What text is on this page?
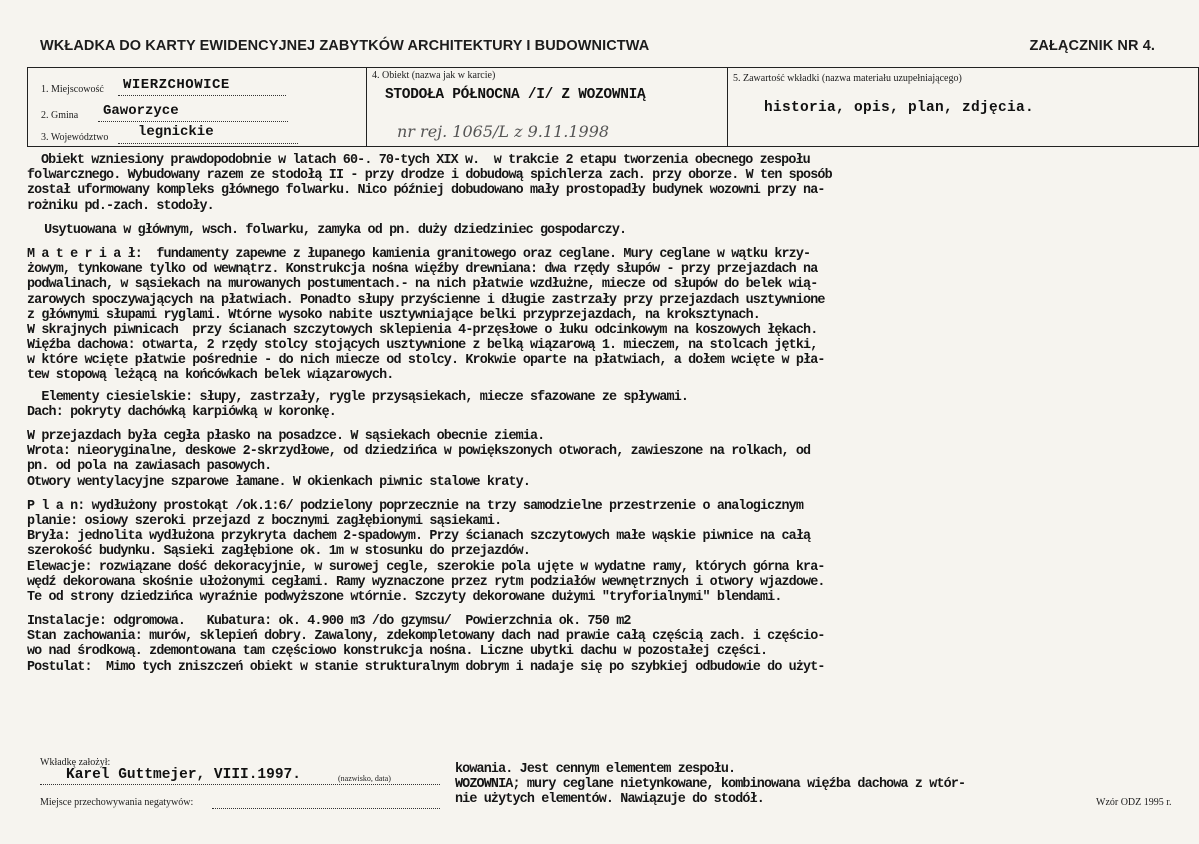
WKŁADKA DO KARTY EWIDENCYJNEJ ZABYTKÓW ARCHITEKTURY I BUDOWNICTWA	ZAŁĄCZNIK NR 4.
1. Miejscowość WIERZCHOWICE
2. Gmina Gaworzyce
3. Województwo legnickie
4. Obiekt (nazwa jak w karcie)
STODOŁA PÓŁNOCNA /I/ Z WOZOWNIĄ
nr rej. 1065/L z 9.11.1998
5. Zawartość wkładki (nazwa materiału uzupełniającego)
historia, opis, plan, zdjęcia.
Obiekt wzniesiony prawdopodobnie w latach 60-. 70-tych XIX w.  w trakcie 2 etapu tworzenia obecnego zespołu
folwarcznego. Wybudowany razem ze stodołą II - przy drodze i dobudową spichlerza zach. przy oborze. W ten sposób
został uformowany kompleks głównego folwarku. Nico później dobudowano mały prostopadły budynek wozowni przy na-
rożniku pd.-zach. stodoły.
Usytuowana w głównym, wsch. folwarku, zamyka od pn. duży dziedziniec gospodarczy.
M a t e r i a ł:  fundamenty zapewne z łupanego kamienia granitowego oraz ceglane. Mury ceglane w wątku krzy-
żowym, tynkowane tylko od wewnątrz. Konstrukcja nośna więźby drewniana: dwa rzędy słupów - przy przejazdach na
podwalinach, w sąsiekach na murowanych postumentach.- na nich płatwie wzdłużne, miecze od słupów do belek wią-
zarowych spoczywających na płatwiach. Ponadto słupy przyścienne i długie zastrzały przy przejazdach usztywnione
z głównymi słupami ryglami. Wtórne wysoko nabite usztywniające belki przyprzejazdach, na kroksztynach.
W skrajnych piwnicach  przy ścianach szczytowych sklepienia 4-przęsłowe o łuku odcinkowym na koszowych łękach.
Więźba dachowa: otwarta, 2 rzędy stolcy stojących usztywnione z belką wiązarową 1. mieczem, na stolcach jętki,
w które wcięte płatwie pośrednie - do nich miecze od stolcy. Krokwie oparte na płatwiach, a dołem wcięte w pła-
tew stopową leżącą na końcówkach belek wiązarowych.
Elementy ciesielskie: słupy, zastrzały, rygle przysąsiekach, miecze sfazowane ze spływami.
Dach: pokryty dachówką karpiówką w koronkę.
W przejazdach była cegła płasko na posadzce. W sąsiekach obecnie ziemia.
Wrota: nieoryginalne, deskowe 2-skrzydłowe, od dziedzińca w powiększonych otworach, zawieszone na rolkach, od
pn. od pola na zawiasach pasowych.
Otwory wentylacyjne szparowe łamane. W okienkach piwnic stalowe kraty.
P l a n: wydłużony prostokąt /ok.1:6/ podzielony poprzecznie na trzy samodzielne przestrzenie o analogicznym
planie: osiowy szeroki przejazd z bocznymi zagłębionymi sąsiekami.
Bryła: jednolita wydłużona przykryta dachem 2-spadowym. Przy ścianach szczytowych małe wąskie piwnice na całą
szerokość budynku. Sąsieki zagłębione ok. 1m w stosunku do przejazdów.
Elewacje: rozwiązane dość dekoracyjnie, w surowej cegle, szerokie pola ujęte w wydatne ramy, których górna kra-
wędź dekorowana skośnie ułożonymi cegłami. Ramy wyznaczone przez rytm podziałów wewnętrznych i otwory wjazdowe.
Te od strony dziedzińca wyraźnie podwyższone wtórnie. Szczyty dekorowane dużymi "tryforialnymi" blendami.
Instalacje: odgromowa.   Kubatura: ok. 4.900 m3 /do gzymsu/  Powierzchnia ok. 750 m2
Stan zachowania: murów, sklepień dobry. Zawalony, zdekompletowany dach nad prawie całą częścią zach. i częścio-
wo nad środkową. zdemontowana tam częściowo konstrukcja nośna. Liczne ubytki dachu w pozostałej części.
Postulat:  Mimo tych zniszczeń obiekt w stanie strukturalnym dobrym i nadaje się po szybkiej odbudowie do użyt-
kowania. Jest cennym elementem zespołu.
WOZOWNIA; mury ceglane nietynkowane, kombinowana więźba dachowa z wtór-
nie użytych elementów. Nawiązuje do stodół.
Wkładkę założył:
Karel Guttmejer, VIII.1997.	(nazwisko, data)
Miejsce przechowywania negatywów:	Wzór ODZ 1995 r.
